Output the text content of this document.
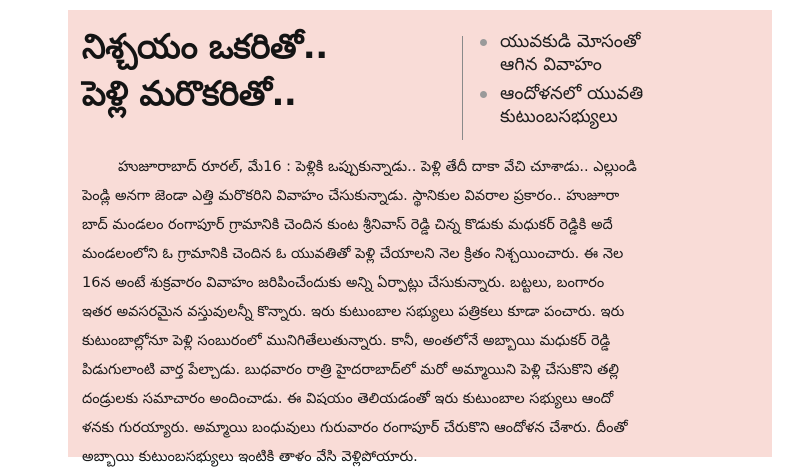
నిశ్చయం ఒకరితో..
పెళ్లి మరొకరితో..
యువకుడి మోసంతో
ఆగిన వివాహం
ఆందోళనలో యువతి
కుటుంబసభ్యులు
హుజూరాబాద్ రూరల్, మే16 : పెళ్లికి ఒప్పుకున్నాడు.. పెళ్లి తేదీ దాకా వేచి చూశాడు.. ఎల్లుండి
పెండ్లి అనగా జెండా ఎత్తి మరొకరిని వివాహం చేసుకున్నాడు. స్థానికుల వివరాల ప్రకారం.. హుజూరా
బాద్ మండలం రంగాపూర్ గ్రామానికి చెందిన కుంట శ్రీనివాస్ రెడ్డి చిన్న కొడుకు మధుకర్ రెడ్డికి అదే
మండలంలోని ఓ గ్రామానికి చెందిన ఓ యువతితో పెళ్లి చేయాలని నెల క్రితం నిశ్చయించారు. ఈ నెల
16న అంటే శుక్రవారం వివాహం జరిపించేందుకు అన్ని ఏర్పాట్లు చేసుకున్నారు. బట్టలు, బంగారం
ఇతర అవసరమైన వస్తువులన్నీ కొన్నారు. ఇరు కుటుంబాల సభ్యులు పత్రికలు కూడా పంచారు. ఇరు
కుటుంబాల్లోనూ పెళ్లి సంబురంలో మునిగితేలుతున్నారు. కానీ, అంతలోనే అబ్బాయి మధుకర్ రెడ్డి
పిడుగులాంటి వార్త పేల్చాడు. బుధవారం రాత్రి హైదరాబాద్‌లో మరో అమ్మాయిని పెళ్లి చేసుకొని తల్లి
దండ్రులకు సమాచారం అందించాడు. ఈ విషయం తెలియడంతో ఇరు కుటుంబాల సభ్యులు ఆందో
ళనకు గురయ్యారు. అమ్మాయి బంధువులు గురువారం రంగాపూర్ చేరుకొని ఆందోళన చేశారు. దీంతో
అబ్బాయి కుటుంబసభ్యులు ఇంటికి తాళం వేసి వెళ్లిపోయారు.
